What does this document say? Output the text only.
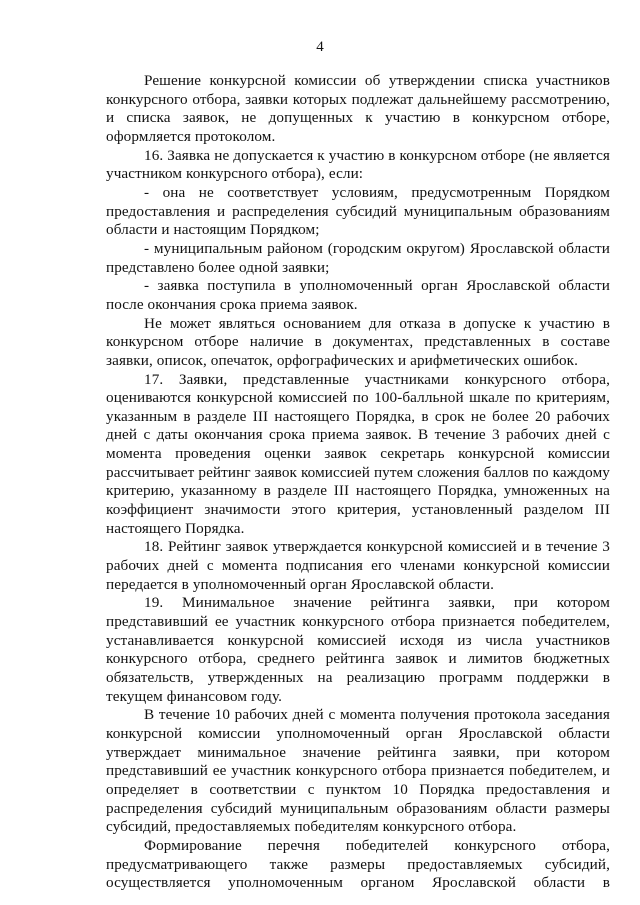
4

Решение конкурсной комиссии об утверждении списка участников конкурсного отбора, заявки которых подлежат дальнейшему рассмотрению, и списка заявок, не допущенных к участию в конкурсном отборе, оформляется протоколом.

16. Заявка не допускается к участию в конкурсном отборе (не является участником конкурсного отбора), если:

- она не соответствует условиям, предусмотренным Порядком предоставления и распределения субсидий муниципальным образованиям области и настоящим Порядком;

- муниципальным районом (городским округом) Ярославской области представлено более одной заявки;

- заявка поступила в уполномоченный орган Ярославской области после окончания срока приема заявок.

Не может являться основанием для отказа в допуске к участию в конкурсном отборе наличие в документах, представленных в составе заявки, описок, опечаток, орфографических и арифметических ошибок.

17. Заявки, представленные участниками конкурсного отбора, оцениваются конкурсной комиссией по 100-балльной шкале по критериям, указанным в разделе III настоящего Порядка, в срок не более 20 рабочих дней с даты окончания срока приема заявок. В течение 3 рабочих дней с момента проведения оценки заявок секретарь конкурсной комиссии рассчитывает рейтинг заявок комиссией путем сложения баллов по каждому критерию, указанному в разделе III настоящего Порядка, умноженных на коэффициент значимости этого критерия, установленный разделом III настоящего Порядка.

18. Рейтинг заявок утверждается конкурсной комиссией и в течение 3 рабочих дней с момента подписания его членами конкурсной комиссии передается в уполномоченный орган Ярославской области.

19. Минимальное значение рейтинга заявки, при котором представивший ее участник конкурсного отбора признается победителем, устанавливается конкурсной комиссией исходя из числа участников конкурсного отбора, среднего рейтинга заявок и лимитов бюджетных обязательств, утвержденных на реализацию программ поддержки в текущем финансовом году.

В течение 10 рабочих дней с момента получения протокола заседания конкурсной комиссии уполномоченный орган Ярославской области утверждает минимальное значение рейтинга заявки, при котором представивший ее участник конкурсного отбора признается победителем, и определяет в соответствии с пунктом 10 Порядка предоставления и распределения субсидий муниципальным образованиям области размеры субсидий, предоставляемых победителям конкурсного отбора.

Формирование перечня победителей конкурсного отбора, предусматривающего также размеры предоставляемых субсидий, осуществляется уполномоченным органом Ярославской области в
